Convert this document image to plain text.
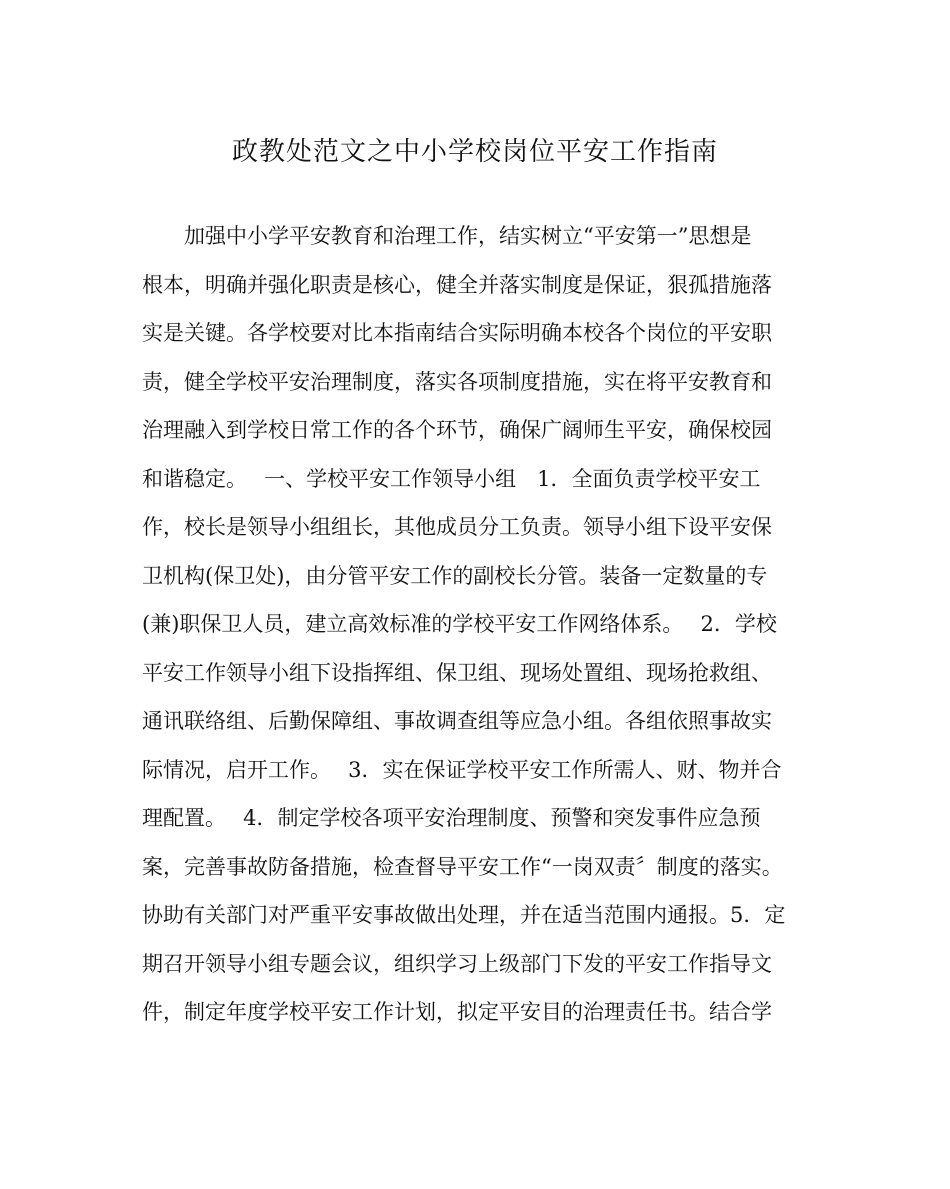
政教处范文之中小学校岗位平安工作指南
　　加强中小学平安教育和治理工作，结实树立“平安第一”思想是
根本，明确并强化职责是核心，健全并落实制度是保证，狠孤措施落
实是关键。各学校要对比本指南结合实际明确本校各个岗位的平安职
责，健全学校平安治理制度，落实各项制度措施，实在将平安教育和
治理融入到学校日常工作的各个环节，确保广阔师生平安，确保校园
和谐稳定。　 一、学校平安工作领导小组　1．全面负责学校平安工
作，校长是领导小组组长，其他成员分工负责。领导小组下设平安保
卫机构(保卫处)，由分管平安工作的副校长分管。装备一定数量的专
(兼)职保卫人员，建立高效标准的学校平安工作网络体系。　 2．学校
平安工作领导小组下设指挥组、保卫组、现场处置组、现场抢救组、
通讯联络组、后勤保障组、事故调查组等应急小组。各组依照事故实
际情况，启开工作。　 3．实在保证学校平安工作所需人、财、物并合
理配置。　 4．制定学校各项平安治理制度、预警和突发事件应急预
案，完善事故防备措施，检查督导平安工作“一岗双责〞制度的落实。
协助有关部门对严重平安事故做出处理，并在适当范围内通报。5．定
期召开领导小组专题会议，组织学习上级部门下发的平安工作指导文
件，制定年度学校平安工作计划，拟定平安目的治理责任书。结合学
